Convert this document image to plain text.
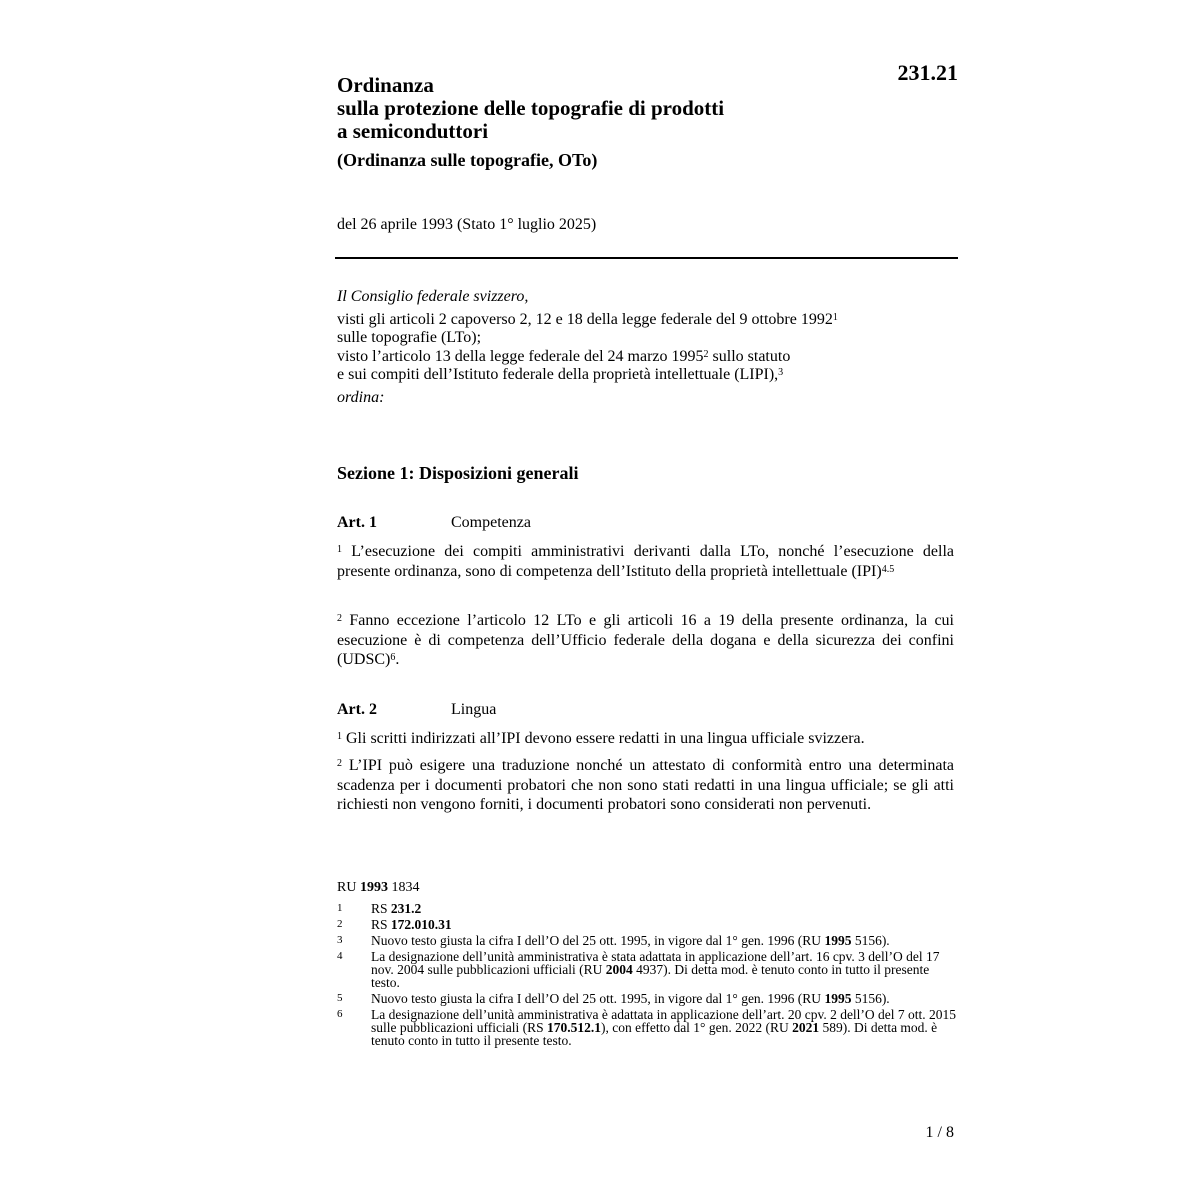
231.21
Ordinanza
sulla protezione delle topografie di prodotti
a semiconduttori
(Ordinanza sulle topografie, OTo)
del 26 aprile 1993 (Stato 1° luglio 2025)
Il Consiglio federale svizzero,
visti gli articoli 2 capoverso 2, 12 e 18 della legge federale del 9 ottobre 1992$^1$
sulle topografie (LTo);
visto l’articolo 13 della legge federale del 24 marzo 1995$^2$ sullo statuto
e sui compiti dell’Istituto federale della proprietà intellettuale (LIPI),$^3$
ordina:
Sezione 1: Disposizioni generali
Art. 1	Competenza
$^1$ L’esecuzione dei compiti amministrativi derivanti dalla LTo, nonché l’esecuzione della presente ordinanza, sono di competenza dell’Istituto della proprietà intellettuale (IPI)$^{4.5}$
$^2$ Fanno eccezione l’articolo 12 LTo e gli articoli 16 a 19 della presente ordinanza, la cui esecuzione è di competenza dell’Ufficio federale della dogana e della sicurezza dei confini (UDSC)$^6$.
Art. 2	Lingua
$^1$ Gli scritti indirizzati all’IPI devono essere redatti in una lingua ufficiale svizzera.
$^2$ L’IPI può esigere una traduzione nonché un attestato di conformità entro una determinata scadenza per i documenti probatori che non sono stati redatti in una lingua ufficiale; se gli atti richiesti non vengono forniti, i documenti probatori sono considerati non pervenuti.
RU 1993 1834
1	RS 231.2
2	RS 172.010.31
3	Nuovo testo giusta la cifra I dell’O del 25 ott. 1995, in vigore dal 1° gen. 1996 (RU 1995 5156).
4	La designazione dell’unità amministrativa è stata adattata in applicazione dell’art. 16 cpv. 3 dell’O del 17 nov. 2004 sulle pubblicazioni ufficiali (RU 2004 4937). Di detta mod. è tenuto conto in tutto il presente testo.
5	Nuovo testo giusta la cifra I dell’O del 25 ott. 1995, in vigore dal 1° gen. 1996 (RU 1995 5156).
6	La designazione dell’unità amministrativa è adattata in applicazione dell’art. 20 cpv. 2 dell’O del 7 ott. 2015 sulle pubblicazioni ufficiali (RS 170.512.1), con effetto dal 1° gen. 2022 (RU 2021 589). Di detta mod. è tenuto conto in tutto il presente testo.
1 / 8
